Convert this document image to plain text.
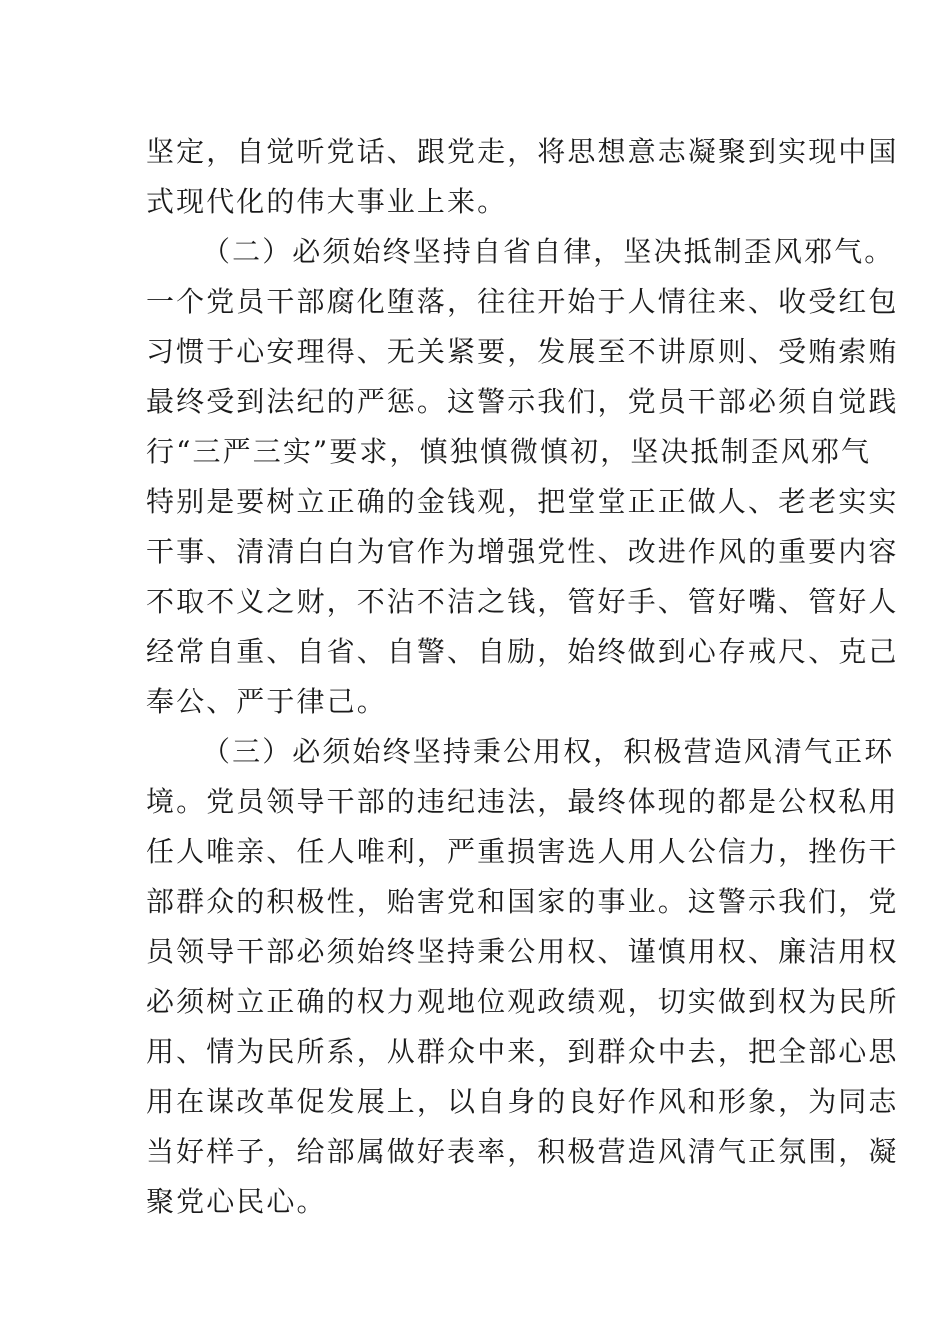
坚定，自觉听党话、跟党走，将思想意志凝聚到实现中国
式现代化的伟大事业上来。
（二）必须始终坚持自省自律，坚决抵制歪风邪气。
一个党员干部腐化堕落，往往开始于人情往来、收受红包
习惯于心安理得、无关紧要，发展至不讲原则、受贿索贿
最终受到法纪的严惩。这警示我们，党员干部必须自觉践
行“三严三实”要求，慎独慎微慎初，坚决抵制歪风邪气
特别是要树立正确的金钱观，把堂堂正正做人、老老实实
干事、清清白白为官作为增强党性、改进作风的重要内容
不取不义之财，不沾不洁之钱，管好手、管好嘴、管好人
经常自重、自省、自警、自励，始终做到心存戒尺、克己
奉公、严于律己。
（三）必须始终坚持秉公用权，积极营造风清气正环
境。党员领导干部的违纪违法，最终体现的都是公权私用
任人唯亲、任人唯利，严重损害选人用人公信力，挫伤干
部群众的积极性，贻害党和国家的事业。这警示我们，党
员领导干部必须始终坚持秉公用权、谨慎用权、廉洁用权
必须树立正确的权力观地位观政绩观，切实做到权为民所
用、情为民所系，从群众中来，到群众中去，把全部心思
用在谋改革促发展上，以自身的良好作风和形象，为同志
当好样子，给部属做好表率，积极营造风清气正氛围，凝
聚党心民心。
